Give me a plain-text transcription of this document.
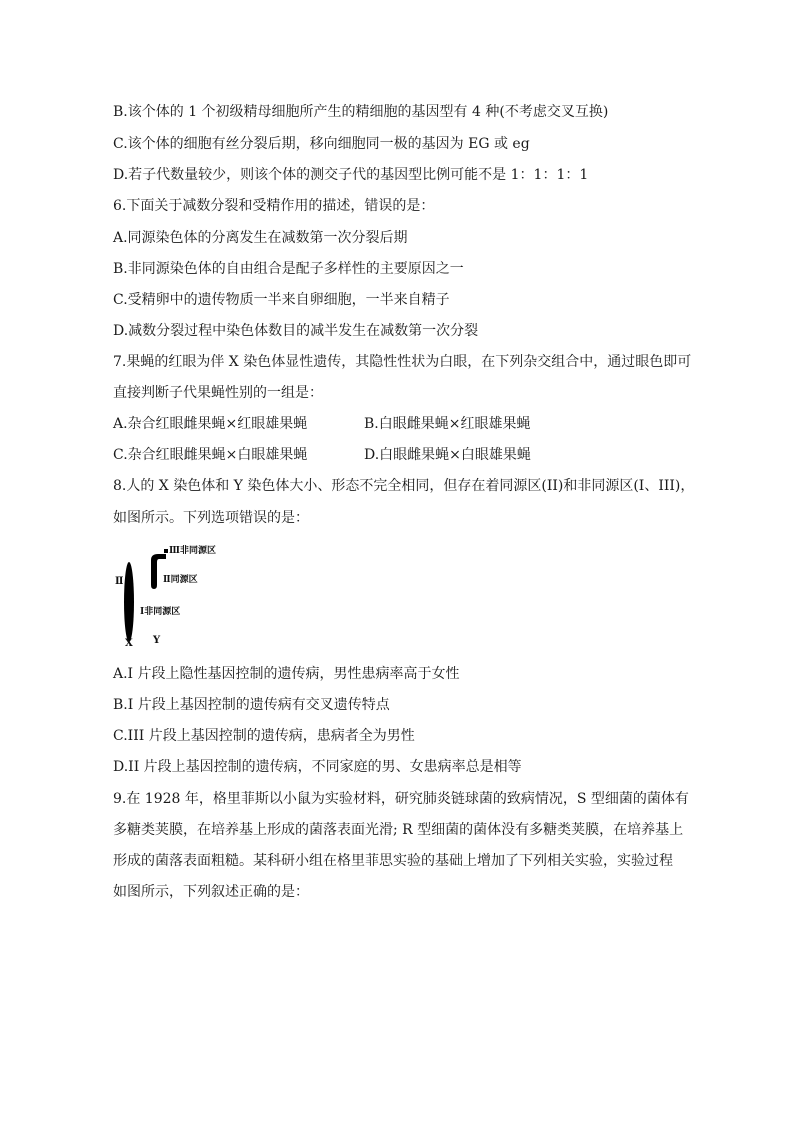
B.该个体的 1 个初级精母细胞所产生的精细胞的基因型有 4 种(不考虑交叉互换)
C.该个体的细胞有丝分裂后期，移向细胞同一极的基因为 EG 或 eg
D.若子代数量较少，则该个体的测交子代的基因型比例可能不是 1：1：1：1
6.下面关于减数分裂和受精作用的描述，错误的是：
A.同源染色体的分离发生在减数第一次分裂后期
B.非同源染色体的自由组合是配子多样性的主要原因之一
C.受精卵中的遗传物质一半来自卵细胞，一半来自精子
D.减数分裂过程中染色体数目的减半发生在减数第一次分裂
7.果蝇的红眼为伴 X 染色体显性遗传，其隐性性状为白眼，在下列杂交组合中，通过眼色即可
直接判断子代果蝇性别的一组是：
A.杂合红眼雌果蝇×红眼雄果蝇	B.白眼雌果蝇×红眼雄果蝇
C.杂合红眼雌果蝇×白眼雄果蝇	D.白眼雌果蝇×白眼雄果蝇
8.人的 X 染色体和 Y 染色体大小、形态不完全相同，但存在着同源区(II)和非同源区(I、III)，
如图所示。下列选项错误的是：
Ⅲ非同源区
Ⅱ同源区
Ⅱ
Ⅰ非同源区
X Y
A.I 片段上隐性基因控制的遗传病，男性患病率高于女性
B.I 片段上基因控制的遗传病有交叉遗传特点
C.III 片段上基因控制的遗传病，患病者全为男性
D.II 片段上基因控制的遗传病，不同家庭的男、女患病率总是相等
9.在 1928 年，格里菲斯以小鼠为实验材料，研究肺炎链球菌的致病情况，S 型细菌的菌体有
多糖类荚膜，在培养基上形成的菌落表面光滑; R 型细菌的菌体没有多糖类荚膜，在培养基上
形成的菌落表面粗糙。某科研小组在格里菲思实验的基础上增加了下列相关实验，实验过程
如图所示，下列叙述正确的是：
